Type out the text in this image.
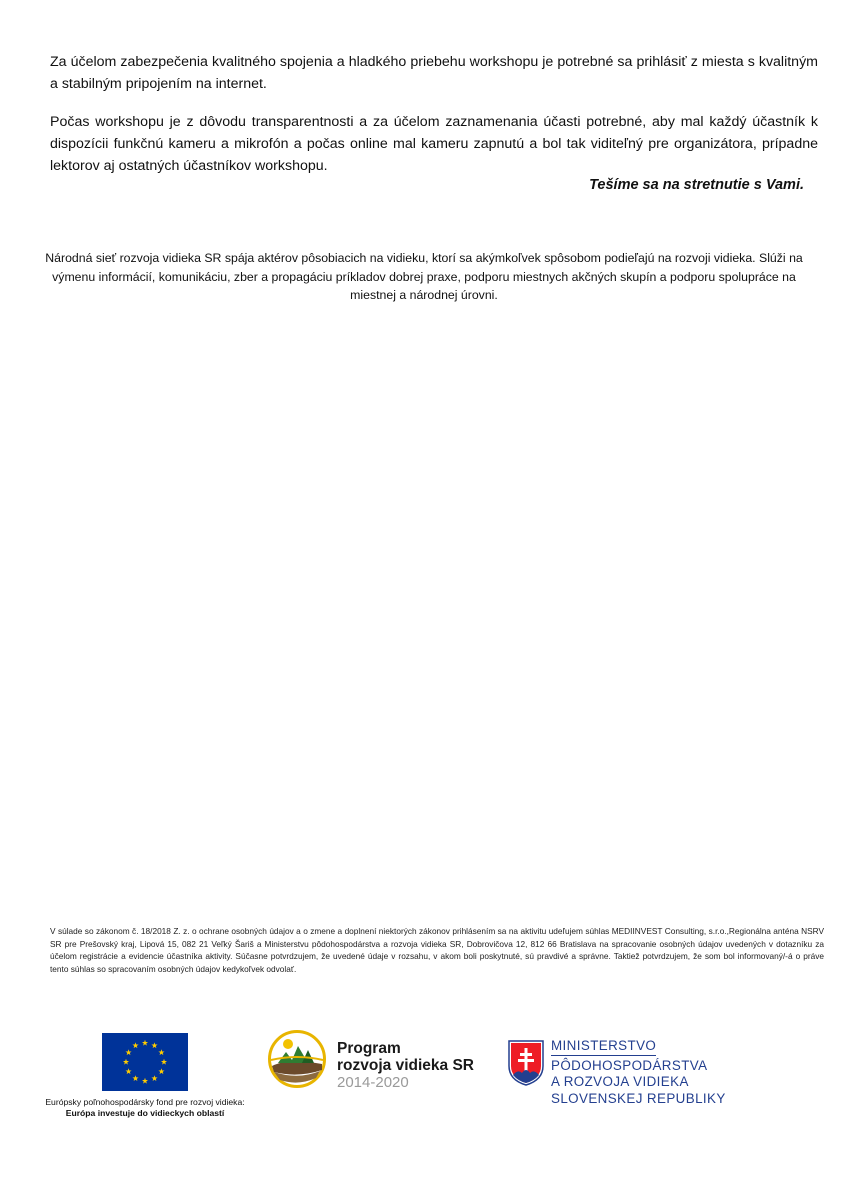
Za účelom zabezpečenia kvalitného spojenia a hladkého priebehu workshopu je potrebné sa prihlásiť z miesta s kvalitným a stabilným pripojením na internet.

Počas workshopu je z dôvodu transparentnosti a za účelom zaznamenania účasti potrebné, aby mal každý účastník k dispozícii funkčnú kameru a mikrofón a počas online mal kameru zapnutú a bol tak viditeľný pre organizátora, prípadne lektorov aj ostatných účastníkov workshopu.

Tešíme sa na stretnutie s Vami.

Národná sieť rozvoja vidieka SR spája aktérov pôsobiacich na vidieku, ktorí sa akýmkoľvek spôsobom podieľajú na rozvoji vidieka. Slúži na výmenu informácií, komunikáciu, zber a propagáciu príkladov dobrej praxe, podporu miestnych akčných skupín a podporu spolupráce na miestnej a národnej úrovni.

V súlade so zákonom č. 18/2018 Z. z. o ochrane osobných údajov a o zmene a doplnení niektorých zákonov prihlásením sa na aktivitu udeľujem súhlas MEDIINVEST Consulting, s.r.o.,Regionálna anténa NSRV SR pre Prešovský kraj, Lipová 15, 082 21 Veľký Šariš a Ministerstvu pôdohospodárstva a rozvoja vidieka SR, Dobrovičova 12, 812 66 Bratislava na spracovanie osobných údajov uvedených v dotazníku za účelom registrácie a evidencie účastníka aktivity. Súčasne potvrdzujem, že uvedené údaje v rozsahu, v akom boli poskytnuté, sú pravdivé a správne. Taktiež potvrdzujem, že som bol informovaný/-á o práve tento súhlas so spracovaním osobných údajov kedykoľvek odvolať.

Európsky poľnohospodársky fond pre rozvoj vidieka:
Európa investuje do vidieckych oblastí
Program
rozvoja vidieka SR
2014-2020
MINISTERSTVO
PÔDOHOSPODÁRSTVA
A ROZVOJA VIDIEKA
SLOVENSKEJ REPUBLIKY
